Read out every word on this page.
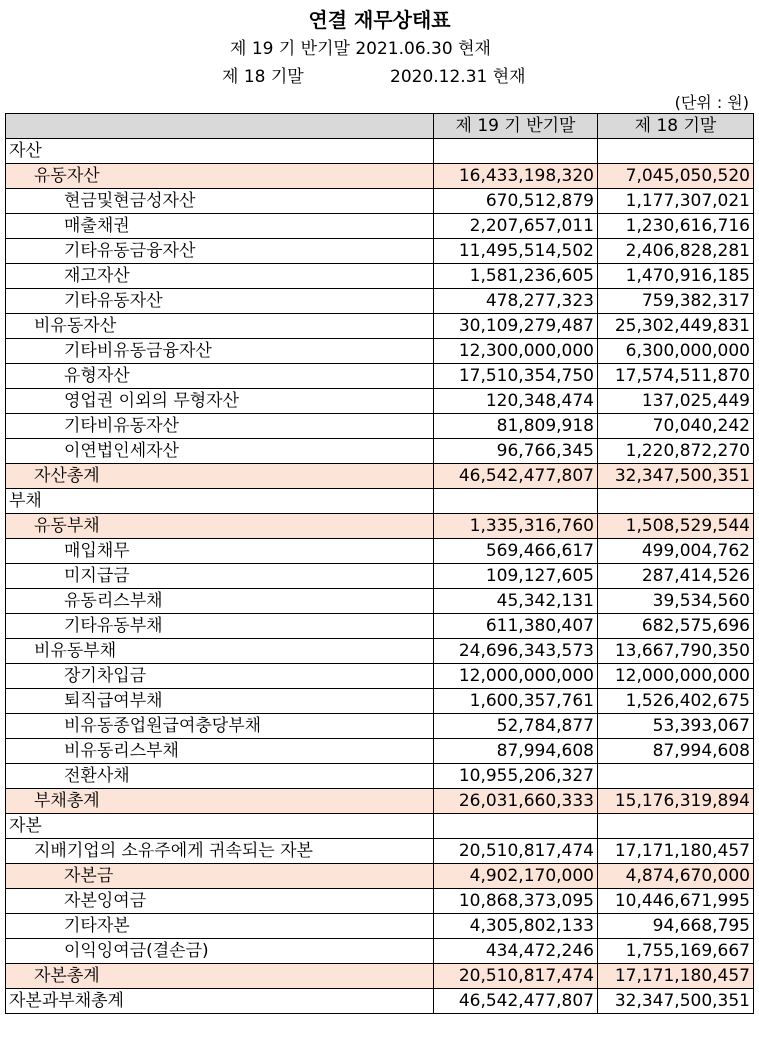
연결 재무상태표
제 19 기 반기말 2021.06.30 현재
제 18 기말	2020.12.31 현재
(단위 : 원)
	제 19 기 반기말	제 18 기말
자산		
유동자산	16,433,198,320	7,045,050,520
현금및현금성자산	670,512,879	1,177,307,021
매출채권	2,207,657,011	1,230,616,716
기타유동금융자산	11,495,514,502	2,406,828,281
재고자산	1,581,236,605	1,470,916,185
기타유동자산	478,277,323	759,382,317
비유동자산	30,109,279,487	25,302,449,831
기타비유동금융자산	12,300,000,000	6,300,000,000
유형자산	17,510,354,750	17,574,511,870
영업권 이외의 무형자산	120,348,474	137,025,449
기타비유동자산	81,809,918	70,040,242
이연법인세자산	96,766,345	1,220,872,270
자산총계	46,542,477,807	32,347,500,351
부채		
유동부채	1,335,316,760	1,508,529,544
매입채무	569,466,617	499,004,762
미지급금	109,127,605	287,414,526
유동리스부채	45,342,131	39,534,560
기타유동부채	611,380,407	682,575,696
비유동부채	24,696,343,573	13,667,790,350
장기차입금	12,000,000,000	12,000,000,000
퇴직급여부채	1,600,357,761	1,526,402,675
비유동종업원급여충당부채	52,784,877	53,393,067
비유동리스부채	87,994,608	87,994,608
전환사채	10,955,206,327	
부채총계	26,031,660,333	15,176,319,894
자본		
지배기업의 소유주에게 귀속되는 자본	20,510,817,474	17,171,180,457
자본금	4,902,170,000	4,874,670,000
자본잉여금	10,868,373,095	10,446,671,995
기타자본	4,305,802,133	94,668,795
이익잉여금(결손금)	434,472,246	1,755,169,667
자본총계	20,510,817,474	17,171,180,457
자본과부채총계	46,542,477,807	32,347,500,351
